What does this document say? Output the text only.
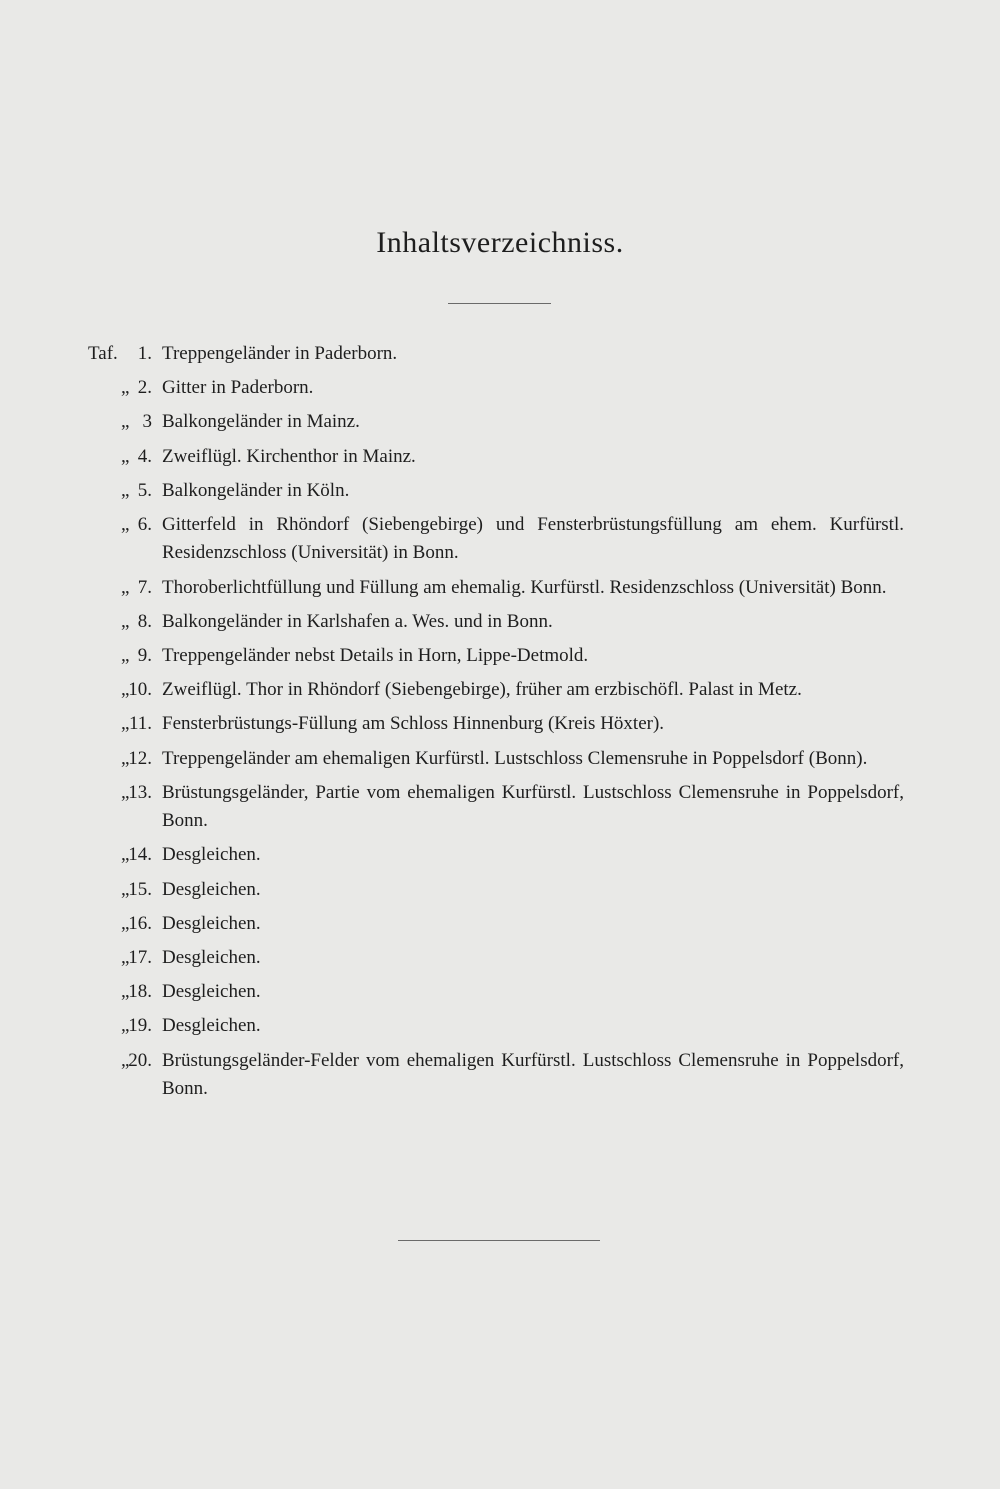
Inhaltsverzeichniss.
Taf.	1. Treppengeländer in Paderborn.
„ 2. Gitter in Paderborn.
„ 3 Balkongeländer in Mainz.
„ 4. Zweiflügl. Kirchenthor in Mainz.
„ 5. Balkongeländer in Köln.
„ 6. Gitterfeld in Rhöndorf (Siebengebirge) und Fensterbrüstungsfüllung am ehem. Kurfürstl. Residenzschloss (Universität) in Bonn.
„ 7. Thoroberlichtfüllung und Füllung am ehemalig. Kurfürstl. Residenzschloss (Universität) Bonn.
„ 8. Balkongeländer in Karlshafen a. Wes. und in Bonn.
„ 9. Treppengeländer nebst Details in Horn, Lippe-Detmold.
„
10. Zweiflügl. Thor in Rhöndorf (Siebengebirge), früher am erzbischöfl. Palast in Metz.
„ 11. Fensterbrüstungs-Füllung am Schloss Hinnenburg (Kreis Höxter).
„
12. Treppengeländer am ehemaligen Kurfürstl. Lustschloss Clemensruhe in Poppelsdorf (Bonn).
„
13. Brüstungsgeländer, Partie vom ehemaligen Kurfürstl. Lustschloss Clemensruhe in Poppelsdorf, Bonn.
„
14. Desgleichen.
„
15. Desgleichen.
„
16. Desgleichen.
„
17. Desgleichen.
„
18. Desgleichen.
„
19. Desgleichen.
„
20. Brüstungsgeländer-Felder vom ehemaligen Kurfürstl. Lustschloss Clemensruhe in Poppelsdorf, Bonn.
